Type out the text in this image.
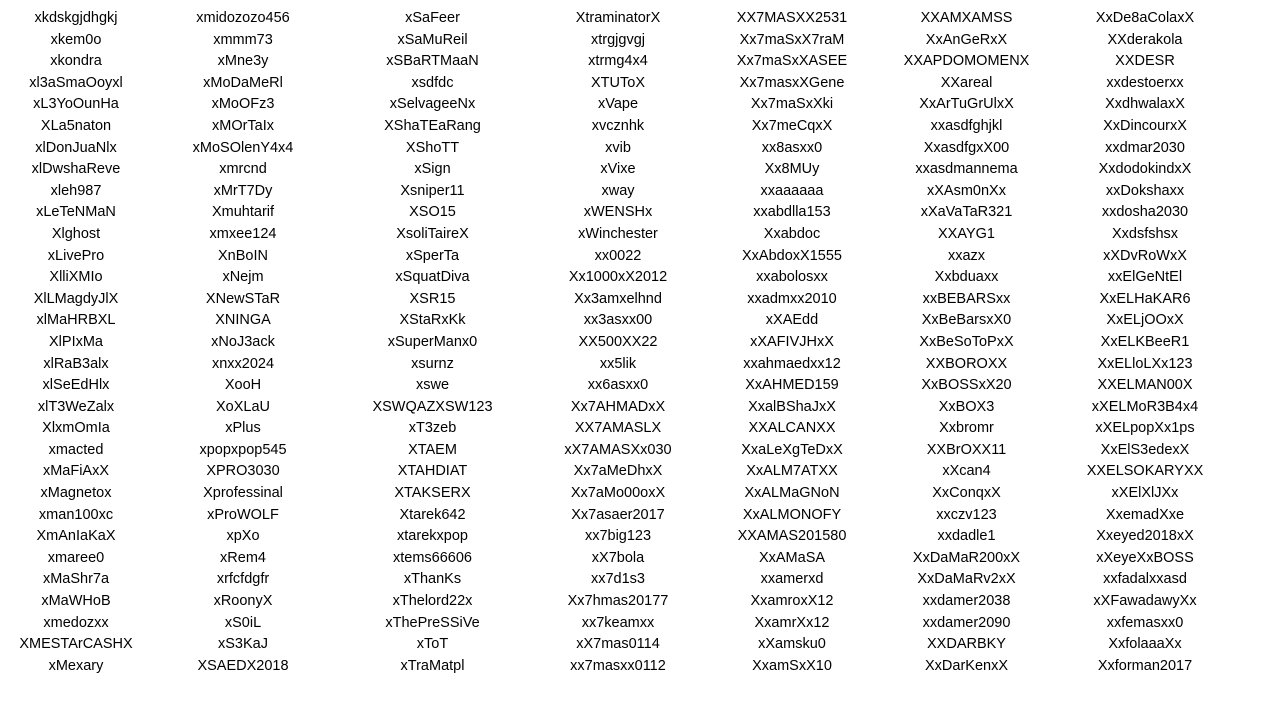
xkdskgjdhgkj
xkem0o
xkondra
xl3aSmaOoyxl
xL3YoOunHa
XLa5naton
xlDonJuaNlx
xlDwshaReve
xleh987
xLeTeNMaN
Xlghost
xLivePro
XlliXMIo
XlLMagdyJlX
xlMaHRBXL
XlPIxMa
xlRaB3alx
xlSeEdHlx
xlT3WeZalx
XlxmOmIa
xmacted
xMaFiAxX
xMagnetox
xman100xc
XmAnIaKaX
xmaree0
xMaShr7a
xMaWHoB
xmedozxx
XMESTArCASHX
xMexary
xmidozozo456
xmmm73
xMne3y
xMoDaMeRl
xMoOFz3
xMOrTaIx
xMoSOlenY4x4
xmrcnd
xMrT7Dy
Xmuhtarif
xmxee124
XnBoIN
xNejm
XNewSTaR
XNINGA
xNoJ3ack
xnxx2024
XooH
XoXLaU
xPlus
xpopxpop545
XPRO3030
Xprofessinal
xProWOLF
xpXo
xRem4
xrfcfdgfr
xRoonyX
xS0iL
xS3KaJ
XSAEDX2018
xSaFeer
xSaMuReil
xSBaRTMaaN
xsdfdc
xSelvageeNx
XShaTEaRang
XShoTT
xSign
Xsniper11
XSO15
XsoliTaireX
xSperTa
xSquatDiva
XSR15
XStaRxKk
xSuperManx0
xsurnz
xswe
XSWQAZXSW123
xT3zeb
XTAEM
XTAHDIAT
XTAKSERX
Xtarek642
xtarekxpop
xtems66606
xThanKs
xThelord22x
xThePreSSiVe
xToT
xTraMatpl
XtraminatorX
xtrgjgvgj
xtrmg4x4
XTUToX
xVape
xvcznhk
xvib
xVixe
xway
xWENSHx
xWinchester
xx0022
Xx1000xX2012
Xx3amxelhnd
xx3asxx00
XX500XX22
xx5lik
xx6asxx0
Xx7AHMADxX
XX7AMASLX
xX7AMASXx030
Xx7aMeDhxX
Xx7aMo00oxX
Xx7asaer2017
xx7big123
xX7bola
xx7d1s3
Xx7hmas20177
xx7keamxx
xX7mas0114
xx7masxx0112
XX7MASXX2531
Xx7maSxX7raM
Xx7maSxXASEE
Xx7masxXGene
Xx7maSxXki
Xx7meCqxX
xx8asxx0
Xx8MUy
xxaaaaaa
xxabdlla153
Xxabdoc
XxAbdoxX1555
xxabolosxx
xxadmxx2010
xXAEdd
xXAFIVJHxX
xxahmaedxx12
XxAHMED159
XxalBShaJxX
XXALCANXX
XxaLeXgTeDxX
XxALM7ATXX
XxALMaGNoN
XxALMONOFY
XXAMAS201580
XxAMaSA
xxamerxd
XxamroxX12
XxamrXx12
xXamsku0
XxamSxX10
XXAMXAMSS
XxAnGeRxX
XXAPDOMOMENX
XXareal
XxArTuGrUlxX
xxasdfghjkl
XxasdfgxX00
xxasdmannema
xXAsm0nXx
xXaVaTaR321
XXAYG1
xxazx
Xxbduaxx
xxBEBARSxx
XxBeBarsxX0
XxBeSoToPxX
XXBOROXX
XxBOSSxX20
XxBOX3
Xxbromr
XXBrOXX11
xXcan4
XxConqxX
xxczv123
xxdadle1
XxDaMaR200xX
XxDaMaRv2xX
xxdamer2038
xxdamer2090
XXDARBKY
XxDarKenxX
XxDe8aColaxX
XXderakola
XXDESR
xxdestoerxx
XxdhwalaxX
XxDincourxX
xxdmar2030
XxdodokindxX
xxDokshaxx
xxdosha2030
Xxdsfshsx
xXDvRoWxX
xxElGeNtEl
XxELHaKAR6
XxELjOOxX
XxELKBeeR1
XxELloLXx123
XXELMAN00X
xXELMoR3B4x4
xXELpopXx1ps
XxElS3edexX
XXELSOKARYXX
xXElXlJXx
XxemadXxe
Xxeyed2018xX
xXeyeXxBOSS
xxfadalxxasd
xXFawadawyXx
xxfemasxx0
XxfolaaaXx
Xxforman2017
